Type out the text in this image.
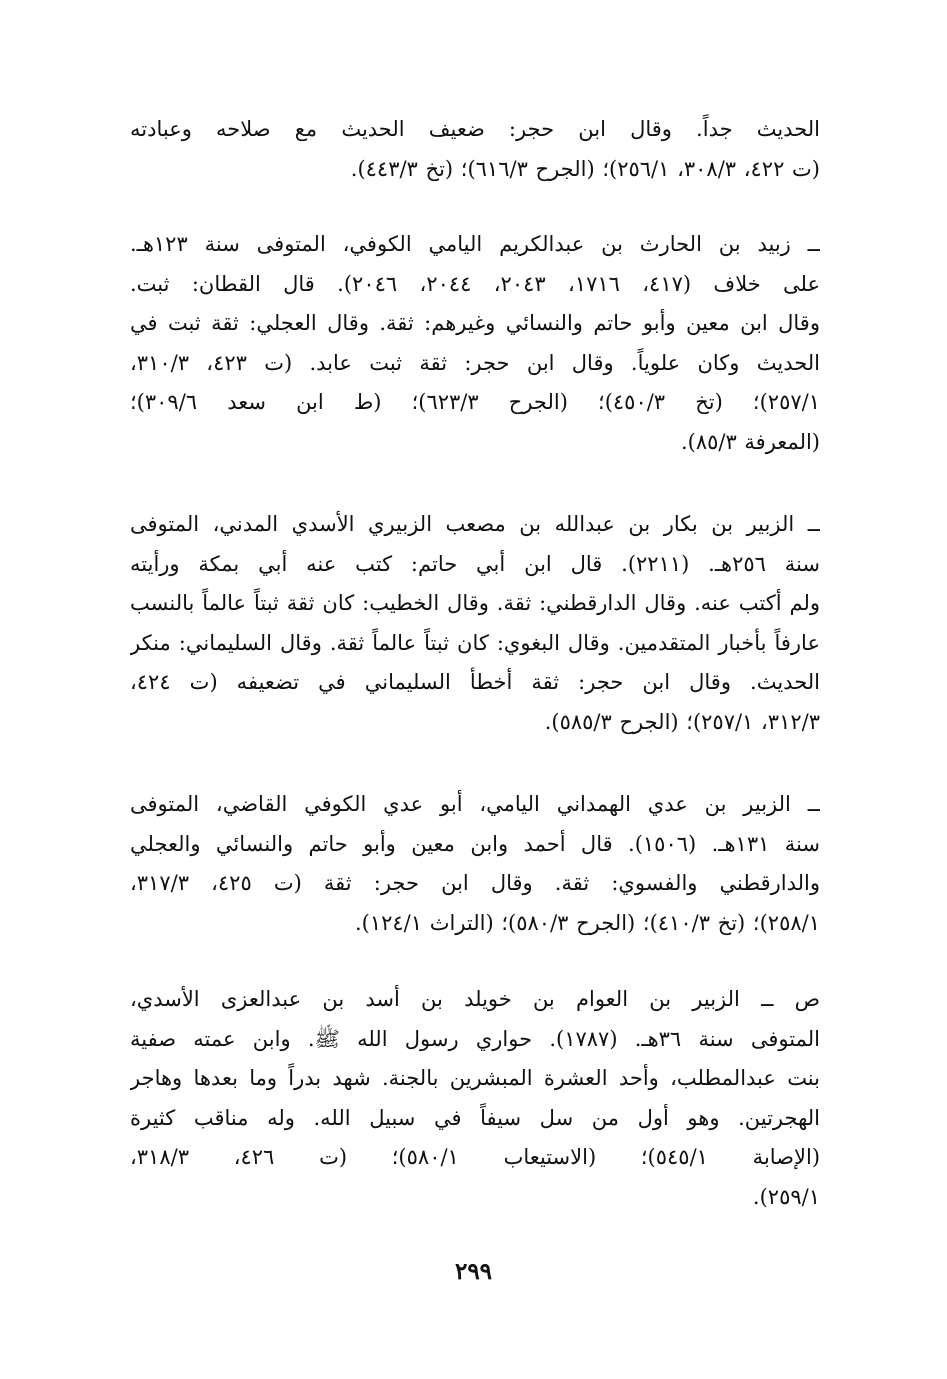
الحديث جداً. وقال ابن حجر: ضعيف الحديث مع صلاحه وعبادته
(ت ٤٢٢، ٣٠٨/٣، ٢٥٦/١)؛ (الجرح ٦١٦/٣)؛ (تخ ٤٤٣/٣).
ــ زبيد بن الحارث بن عبدالكريم اليامي الكوفي، المتوفى سنة ١٢٣هـ.
على خلاف (٤١٧، ١٧١٦، ٢٠٤٣، ٢٠٤٤، ٢٠٤٦). قال القطان: ثبت.
وقال ابن معين وأبو حاتم والنسائي وغيرهم: ثقة. وقال العجلي: ثقة ثبت في
الحديث وكان علوياً. وقال ابن حجر: ثقة ثبت عابد. (ت ٤٢٣، ٣١٠/٣،
٢٥٧/١)؛ (تخ ٤٥٠/٣)؛ (الجرح ٦٢٣/٣)؛ (ط ابن سعد ٣٠٩/٦)؛
(المعرفة ٨٥/٣).
ــ الزبير بن بكار بن عبدالله بن مصعب الزبيري الأسدي المدني، المتوفى
سنة ٢٥٦هـ. (٢٢١١). قال ابن أبي حاتم: كتب عنه أبي بمكة ورأيته
ولم أكتب عنه. وقال الدارقطني: ثقة. وقال الخطيب: كان ثقة ثبتاً عالماً بالنسب
عارفاً بأخبار المتقدمين. وقال البغوي: كان ثبتاً عالماً ثقة. وقال السليماني: منكر
الحديث. وقال ابن حجر: ثقة أخطأ السليماني في تضعيفه (ت ٤٢٤،
٣١٢/٣، ٢٥٧/١)؛ (الجرح ٥٨٥/٣).
ــ الزبير بن عدي الهمداني اليامي، أبو عدي الكوفي القاضي، المتوفى
سنة ١٣١هـ. (١٥٠٦). قال أحمد وابن معين وأبو حاتم والنسائي والعجلي
والدارقطني والفسوي: ثقة. وقال ابن حجر: ثقة (ت ٤٢٥، ٣١٧/٣،
٢٥٨/١)؛ (تخ ٤١٠/٣)؛ (الجرح ٥٨٠/٣)؛ (التراث ١٢٤/١).
ص ــ الزبير بن العوام بن خويلد بن أسد بن عبدالعزى الأسدي،
المتوفى سنة ٣٦هـ. (١٧٨٧). حواري رسول الله ﷺ. وابن عمته صفية
بنت عبدالمطلب، وأحد العشرة المبشرين بالجنة. شهد بدراً وما بعدها وهاجر
الهجرتين. وهو أول من سل سيفاً في سبيل الله. وله مناقب كثيرة
(الإصابة ٥٤٥/١)؛ (الاستيعاب ٥٨٠/١)؛ (ت ٤٢٦، ٣١٨/٣،
٢٥٩/١).
٢٩٩
